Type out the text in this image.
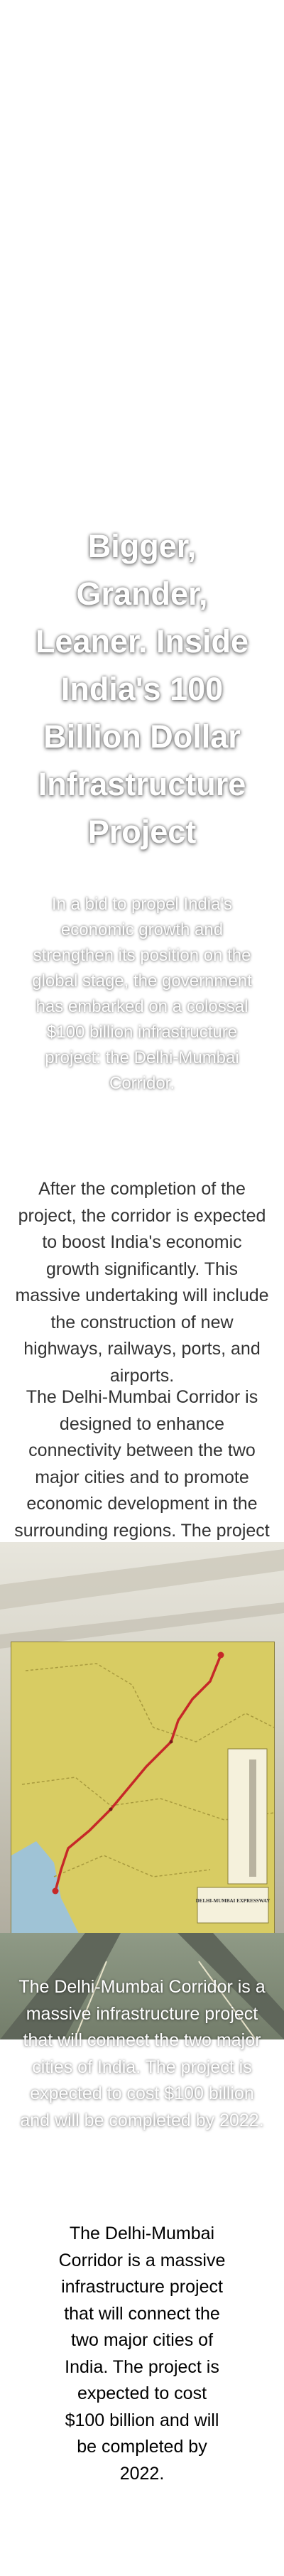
Bigger, Grander, Leaner. Inside India's 100 Billion Dollar Infrastructure Project

In a bid to propel India's economic growth and strengthen its position on the global stage, the government has embarked on a colossal $100 billion infrastructure project: the Delhi-Mumbai Corridor.

After the completion of the project, the corridor is expected to boost India's economic growth significantly. This massive undertaking will include the construction of new highways, railways, ports, and airports.

The Delhi-Mumbai Corridor is designed to enhance connectivity between the two major cities and to promote economic development in the surrounding regions. The project

DELHI-MUMBAI EXPRESSWAY

The Delhi-Mumbai Corridor is a massive infrastructure project that will connect the two major cities of India. The project is expected to cost $100 billion and will be completed by 2022.

The Delhi-Mumbai Corridor is a massive infrastructure project that will connect the two major cities of India. The project is expected to cost $100 billion and will be completed by 2022.
